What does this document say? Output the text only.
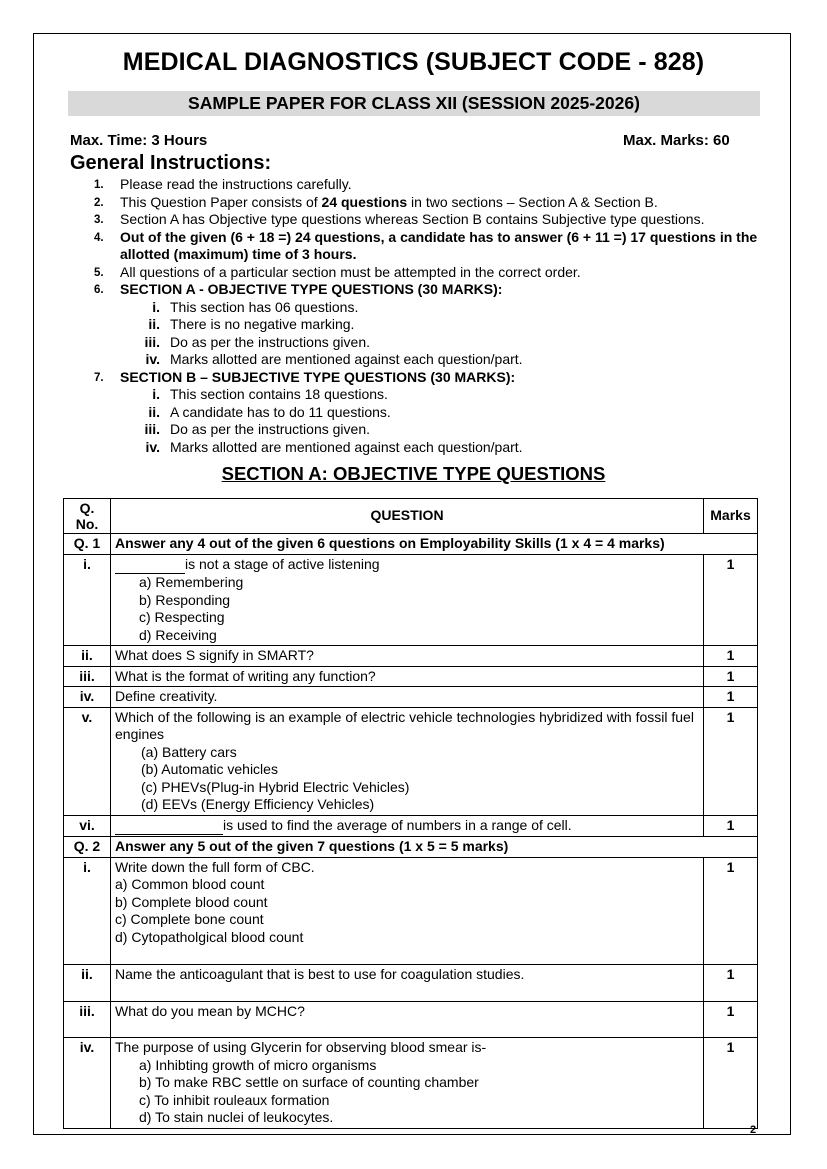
MEDICAL DIAGNOSTICS (SUBJECT CODE - 828)
SAMPLE PAPER FOR CLASS XII (SESSION 2025-2026)
Max. Time: 3 Hours	Max. Marks: 60
General Instructions:
1.	Please read the instructions carefully.
2.	This Question Paper consists of 24 questions in two sections – Section A & Section B.
3.	Section A has Objective type questions whereas Section B contains Subjective type questions.
4.	Out of the given (6 + 18 =) 24 questions, a candidate has to answer (6 + 11 =) 17 questions in the allotted (maximum) time of 3 hours.
5.	All questions of a particular section must be attempted in the correct order.
6.	SECTION A - OBJECTIVE TYPE QUESTIONS (30 MARKS):
i. This section has 06 questions.
ii. There is no negative marking.
iii. Do as per the instructions given.
iv. Marks allotted are mentioned against each question/part.
7.	SECTION B – SUBJECTIVE TYPE QUESTIONS (30 MARKS):
i. This section contains 18 questions.
ii. A candidate has to do 11 questions.
iii. Do as per the instructions given.
iv. Marks allotted are mentioned against each question/part.
SECTION A: OBJECTIVE TYPE QUESTIONS
Q.
No.	QUESTION	Marks
Q. 1	Answer any 4 out of the given 6 questions on Employability Skills (1 x 4 = 4 marks)	
i.	is not a stage of active listening
a) Remembering
b) Responding
c) Respecting
d) Receiving	1
ii.	What does S signify in SMART?	1
iii.	What is the format of writing any function?	1
iv.	Define creativity.	1
v.	Which of the following is an example of electric vehicle technologies hybridized with fossil fuel engines
(a) Battery cars
(b) Automatic vehicles
(c) PHEVs(Plug-in Hybrid Electric Vehicles)
(d) EEVs (Energy Efficiency Vehicles)	1
vi.	is used to find the average of numbers in a range of cell.	1
Q. 2	Answer any 5 out of the given 7 questions (1 x 5 = 5 marks)	
i.	Write down the full form of CBC.
a) Common blood count
b) Complete blood count
c) Complete bone count
d) Cytopatholgical blood count	1
ii.	Name the anticoagulant that is best to use for coagulation studies.	1
iii.	What do you mean by MCHC?	1
iv.	The purpose of using Glycerin for observing blood smear is-
a) Inhibting growth of micro organisms
b) To make RBC settle on surface of counting chamber
c) To inhibit rouleaux formation
d) To stain nuclei of leukocytes.	1
2
